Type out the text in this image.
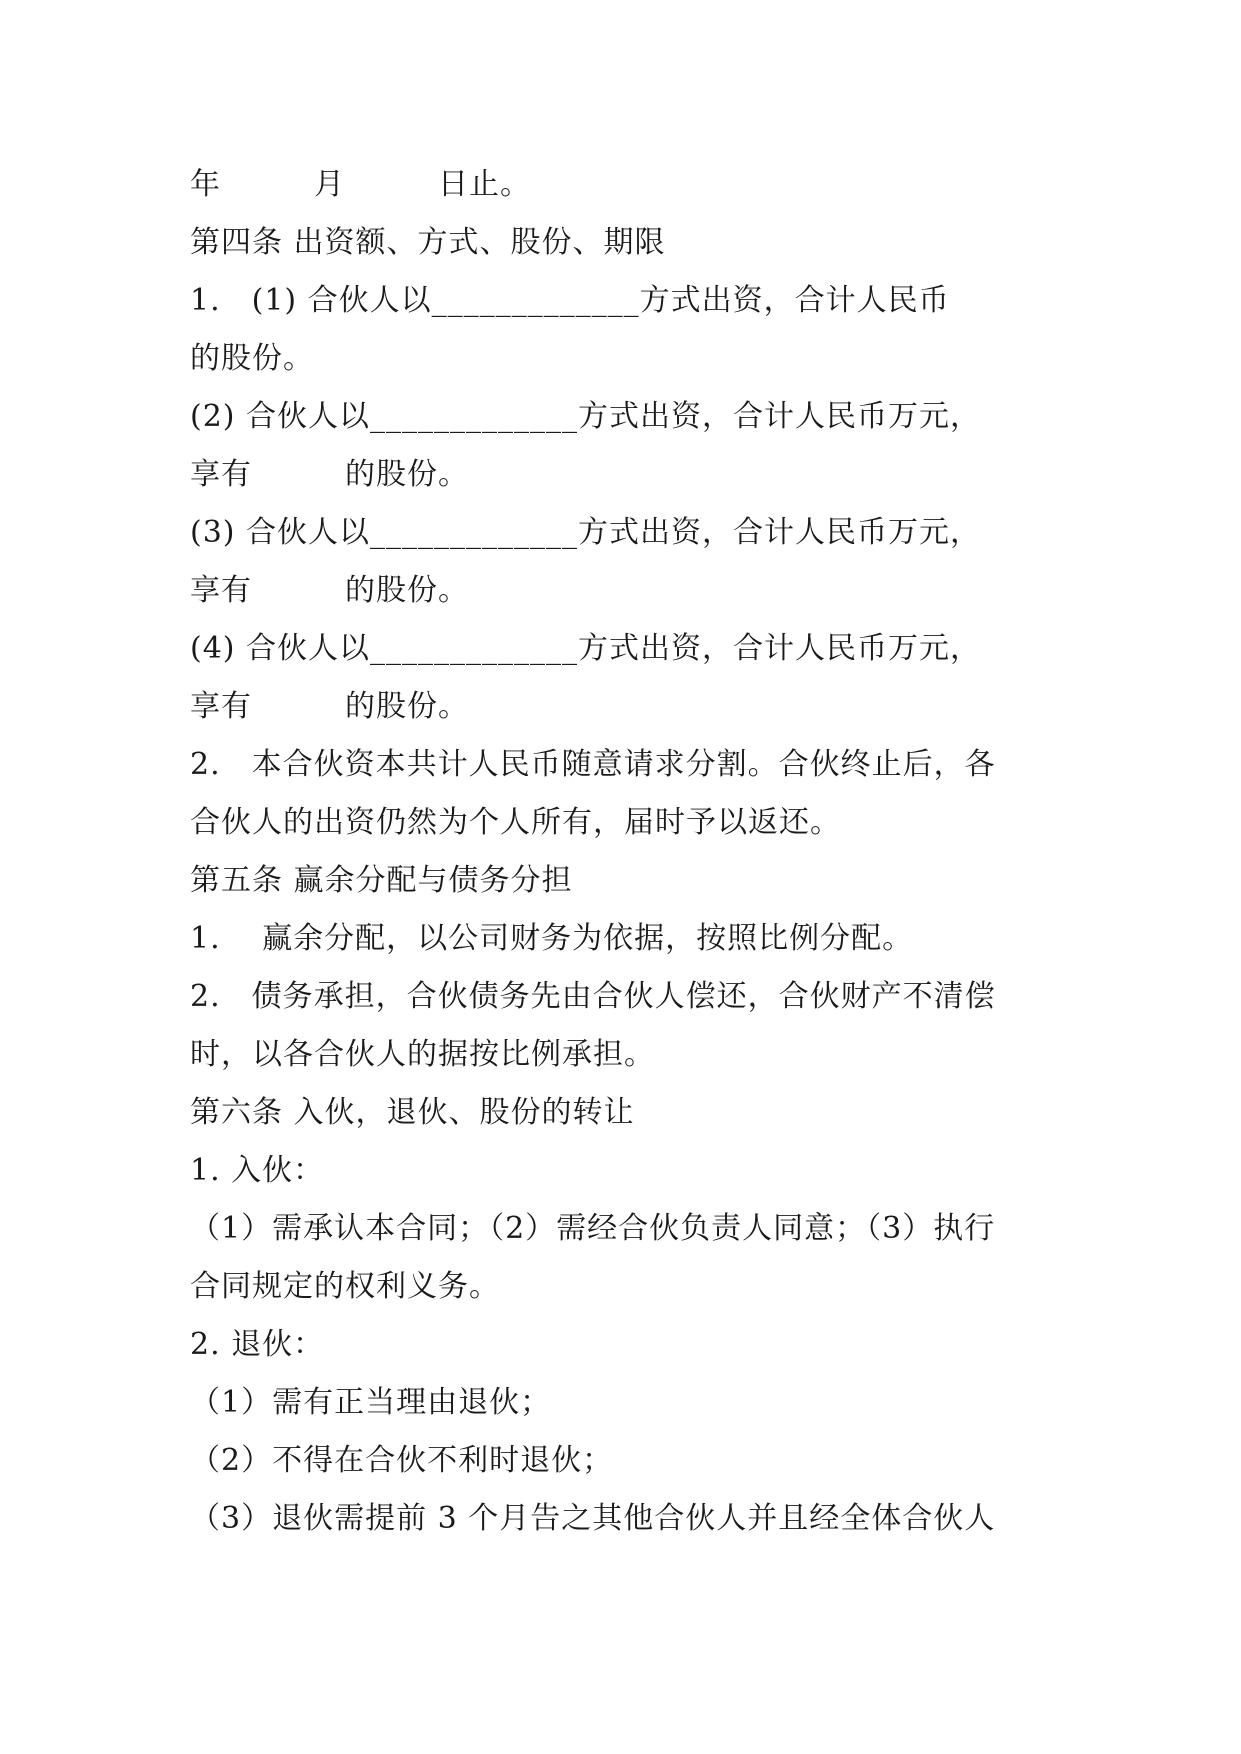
年　　　月　　　日止。
第四条 出资额、方式、股份、期限
1.　(1) 合伙人以_____________方式出资，合计人民币
的股份。
(2) 合伙人以_____________方式出资，合计人民币万元，
享有　　　的股份。
(3) 合伙人以_____________方式出资，合计人民币万元，
享有　　　的股份。
(4) 合伙人以_____________方式出资，合计人民币万元，
享有　　　的股份。
2.　本合伙资本共计人民币随意请求分割。合伙终止后，各
合伙人的出资仍然为个人所有，届时予以返还。
第五条 赢余分配与债务分担
1.　 赢余分配，以公司财务为依据，按照比例分配。
2.　债务承担，合伙债务先由合伙人偿还，合伙财产不清偿
时，以各合伙人的据按比例承担。
第六条 入伙，退伙、股份的转让
1. 入伙：
（1）需承认本合同；（2）需经合伙负责人同意；（3）执行
合同规定的权利义务。
2. 退伙：
（1）需有正当理由退伙；
（2）不得在合伙不利时退伙；
（3）退伙需提前 3 个月告之其他合伙人并且经全体合伙人
